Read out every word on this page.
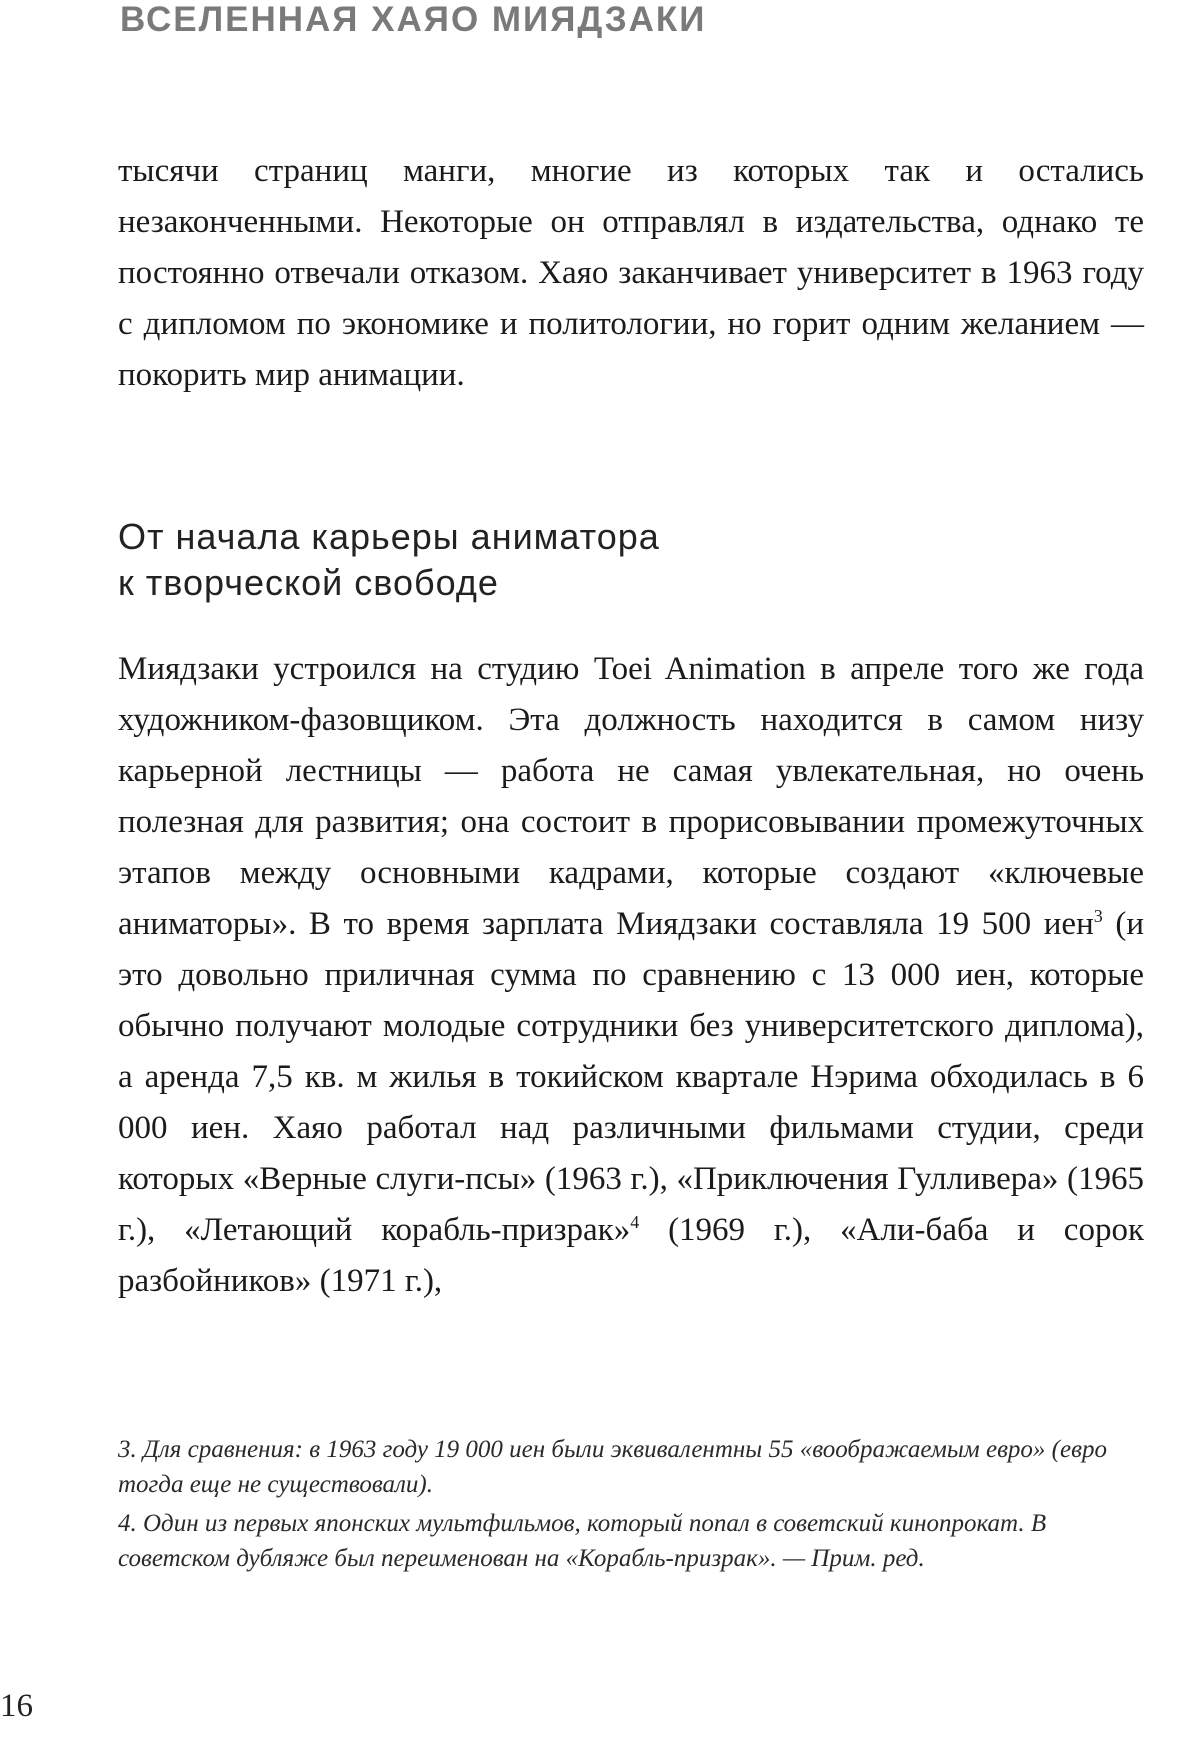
ВСЕЛЕННАЯ ХАЯО МИЯДЗАКИ

тысячи страниц манги, многие из которых так и остались незаконченными. Некоторые он отправлял в издательства, однако те постоянно отвечали отказом. Хаяо заканчивает университет в 1963 году с дипломом по экономике и политологии, но горит одним желанием — покорить мир анимации.

От начала карьеры аниматора
к творческой свободе

Миядзаки устроился на студию Toei Animation в апреле того же года художником-фазовщиком. Эта должность находится в самом низу карьерной лестницы — работа не самая увлекательная, но очень полезная для развития; она состоит в прорисовывании промежуточных этапов между основными кадрами, которые создают «ключевые аниматоры». В то время зарплата Миядзаки составляла 19 500 иен$^3$ (и это довольно приличная сумма по сравнению с 13 000 иен, которые обычно получают молодые сотрудники без университетского диплома), а аренда 7,5 кв. м жилья в токийском квартале Нэрима обходилась в 6 000 иен. Хаяо работал над различными фильмами студии, среди которых «Верные слуги-псы» (1963 г.), «Приключения Гулливера» (1965 г.), «Летающий корабль-призрак»$^4$ (1969 г.), «Али-баба и сорок разбойников» (1971 г.),

3. Для сравнения: в 1963 году 19 000 иен были эквивалентны 55 «воображаемым евро» (евро тогда еще не существовали).

4. Один из первых японских мультфильмов, который попал в советский кинопрокат. В советском дубляже был переименован на «Корабль-призрак». — Прим. ред.

16
